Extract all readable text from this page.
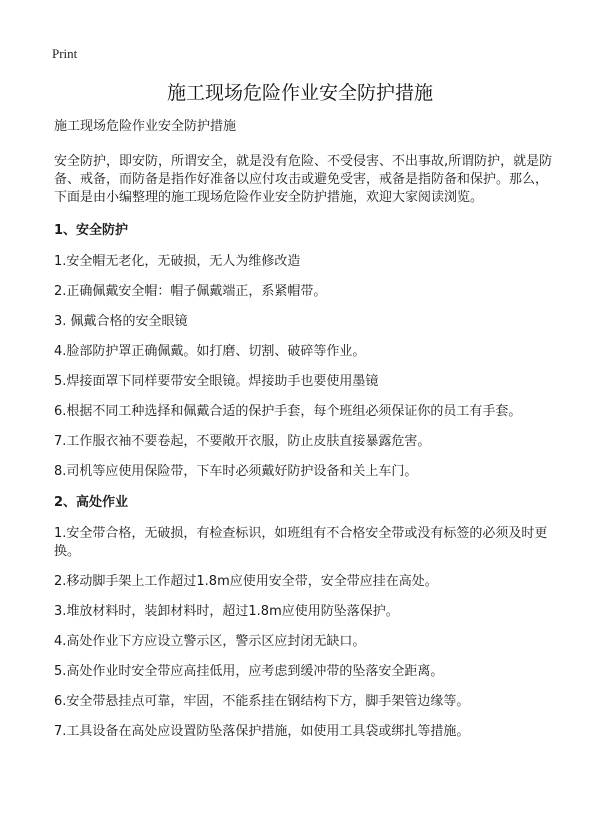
Print
施工现场危险作业安全防护措施

施工现场危险作业安全防护措施

安全防护，即安防，所谓安全，就是没有危险、不受侵害、不出事故,所谓防护，就是防备、戒备，而防备是指作好准备以应付攻击或避免受害，戒备是指防备和保护。那么，下面是由小编整理的施工现场危险作业安全防护措施，欢迎大家阅读浏览。

1、安全防护

1.安全帽无老化，无破损，无人为维修改造

2.正确佩戴安全帽：帽子佩戴端正，系紧帽带。

3. 佩戴合格的安全眼镜

4.脸部防护罩正确佩戴。如打磨、切割、破碎等作业。

5.焊接面罩下同样要带安全眼镜。焊接助手也要使用墨镜

6.根据不同工种选择和佩戴合适的保护手套，每个班组必须保证你的员工有手套。

7.工作服衣袖不要卷起，不要敞开衣服，防止皮肤直接暴露危害。

8.司机等应使用保险带，下车时必须戴好防护设备和关上车门。

2、高处作业

1.安全带合格，无破损，有检查标识，如班组有不合格安全带或没有标签的必须及时更换。

2.移动脚手架上工作超过1.8m应使用安全带，安全带应挂在高处。

3.堆放材料时，装卸材料时，超过1.8m应使用防坠落保护。

4.高处作业下方应设立警示区，警示区应封闭无缺口。

5.高处作业时安全带应高挂低用，应考虑到缓冲带的坠落安全距离。

6.安全带悬挂点可靠，牢固，不能系挂在钢结构下方，脚手架管边缘等。

7.工具设备在高处应设置防坠落保护措施，如使用工具袋或绑扎等措施。
